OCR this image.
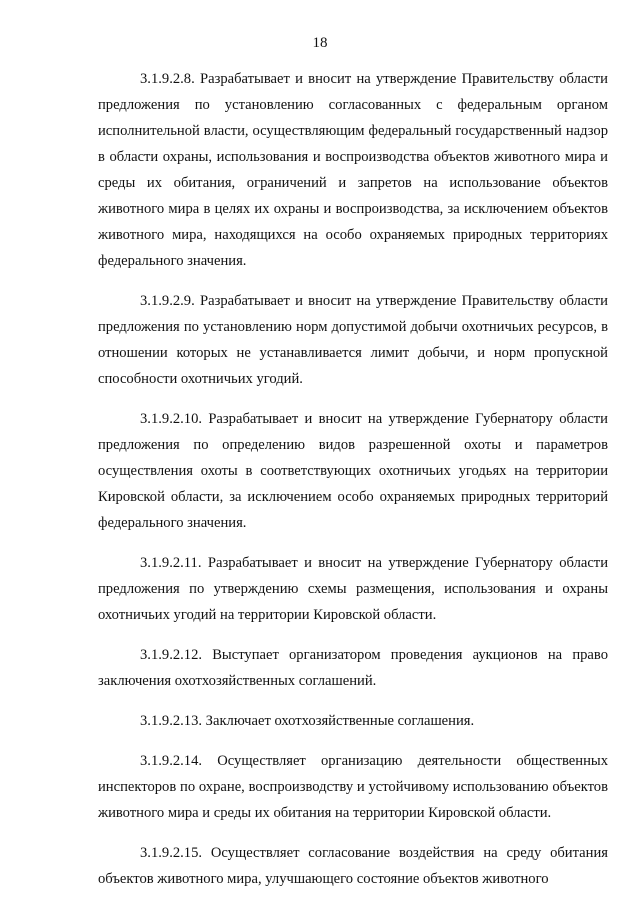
18

3.1.9.2.8. Разрабатывает и вносит на утверждение Правительству области предложения по установлению согласованных с федеральным органом исполнительной власти, осуществляющим федеральный государственный надзор в области охраны, использования и воспроизводства объектов животного мира и среды их обитания, ограничений и запретов на использование объектов животного мира в целях их охраны и воспроизводства, за исключением объектов животного мира, находящихся на особо охраняемых природных территориях федерального значения.

3.1.9.2.9. Разрабатывает и вносит на утверждение Правительству области предложения по установлению норм допустимой добычи охотничьих ресурсов, в отношении которых не устанавливается лимит добычи, и норм пропускной способности охотничьих угодий.

3.1.9.2.10. Разрабатывает и вносит на утверждение Губернатору области предложения по определению видов разрешенной охоты и параметров осуществления охоты в соответствующих охотничьих угодьях на территории Кировской области, за исключением особо охраняемых природных территорий федерального значения.

3.1.9.2.11. Разрабатывает и вносит на утверждение Губернатору области предложения по утверждению схемы размещения, использования и охраны охотничьих угодий на территории Кировской области.

3.1.9.2.12. Выступает организатором проведения аукционов на право заключения охотхозяйственных соглашений.

3.1.9.2.13. Заключает охотхозяйственные соглашения.

3.1.9.2.14. Осуществляет организацию деятельности общественных инспекторов по охране, воспроизводству и устойчивому использованию объектов животного мира и среды их обитания на территории Кировской области.

3.1.9.2.15. Осуществляет согласование воздействия на среду обитания объектов животного мира, улучшающего состояние объектов животного
